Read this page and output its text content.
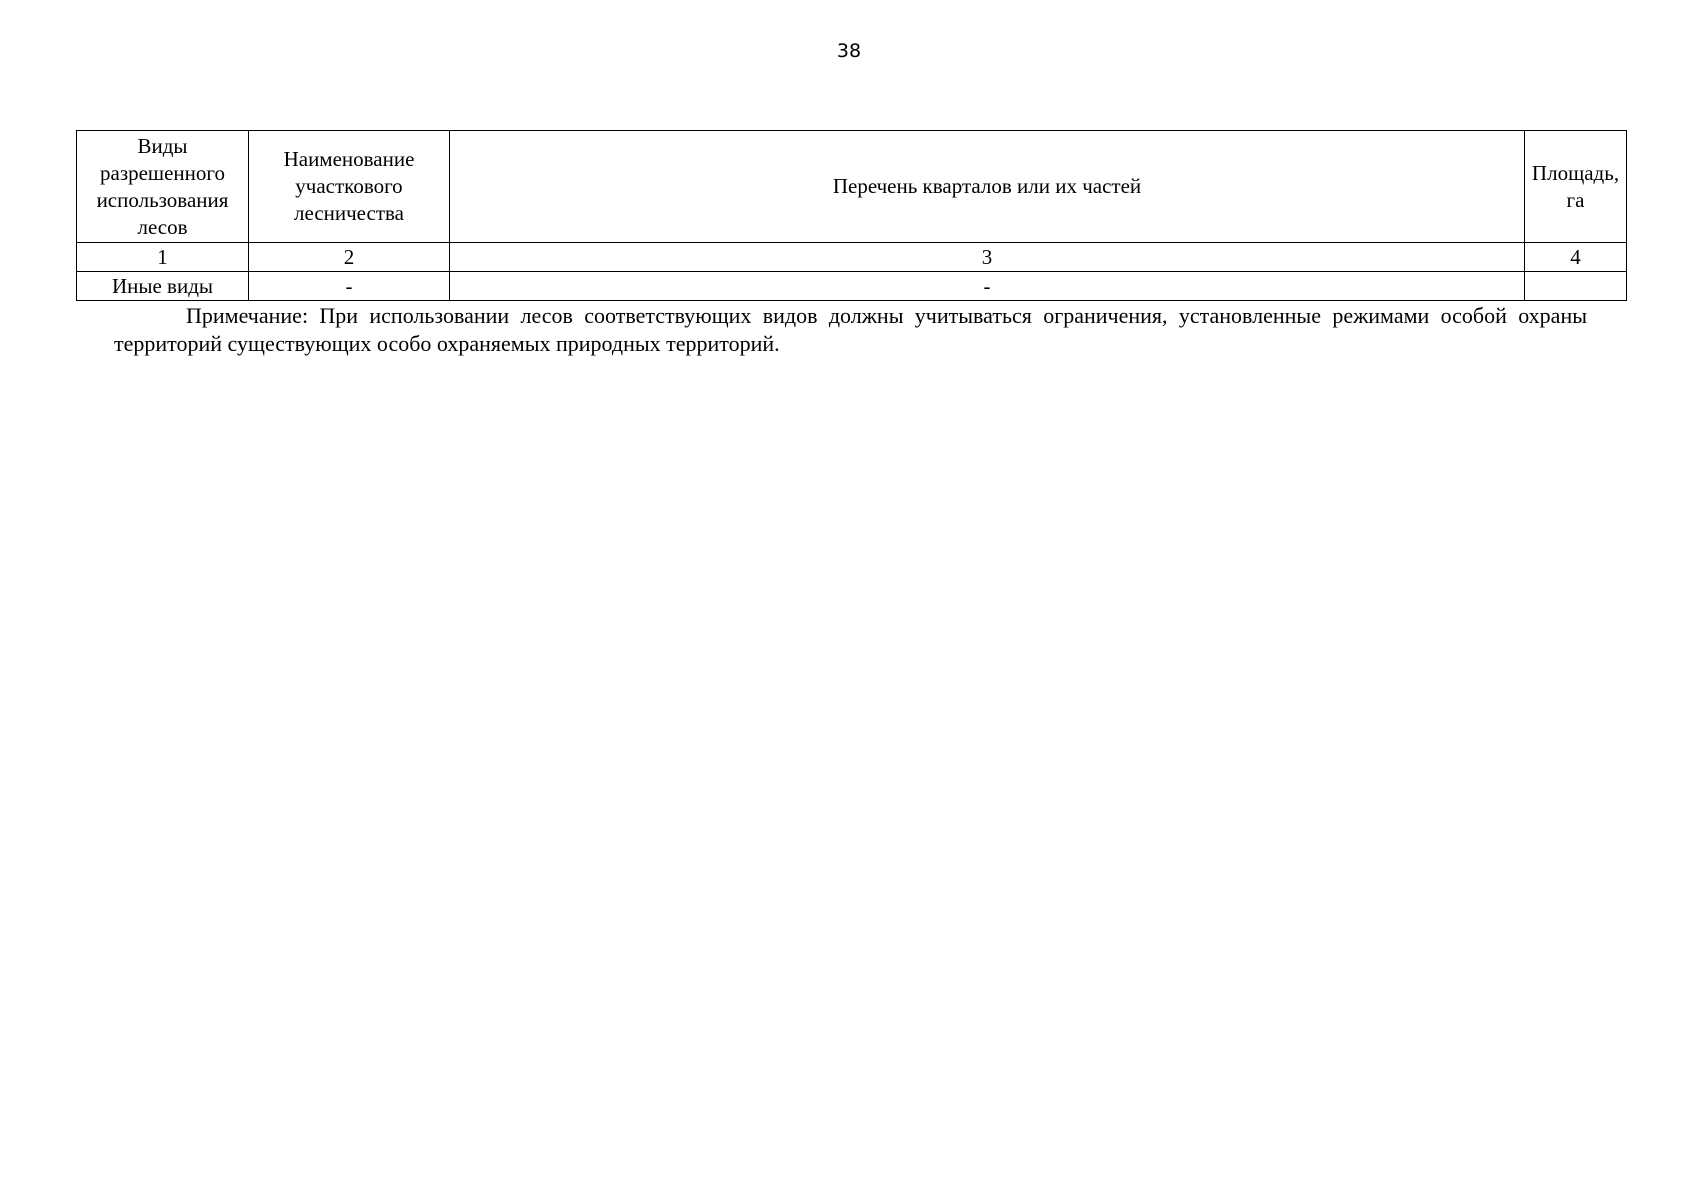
38
Виды разрешенного использования лесов	Наименование участкового лесничества	Перечень кварталов или их частей	Площадь, га
1	2	3	4
Иные виды	-	-	
Примечание: При использовании лесов соответствующих видов должны учитываться ограничения, установленные режимами особой охраны территорий существующих особо охраняемых природных территорий.
